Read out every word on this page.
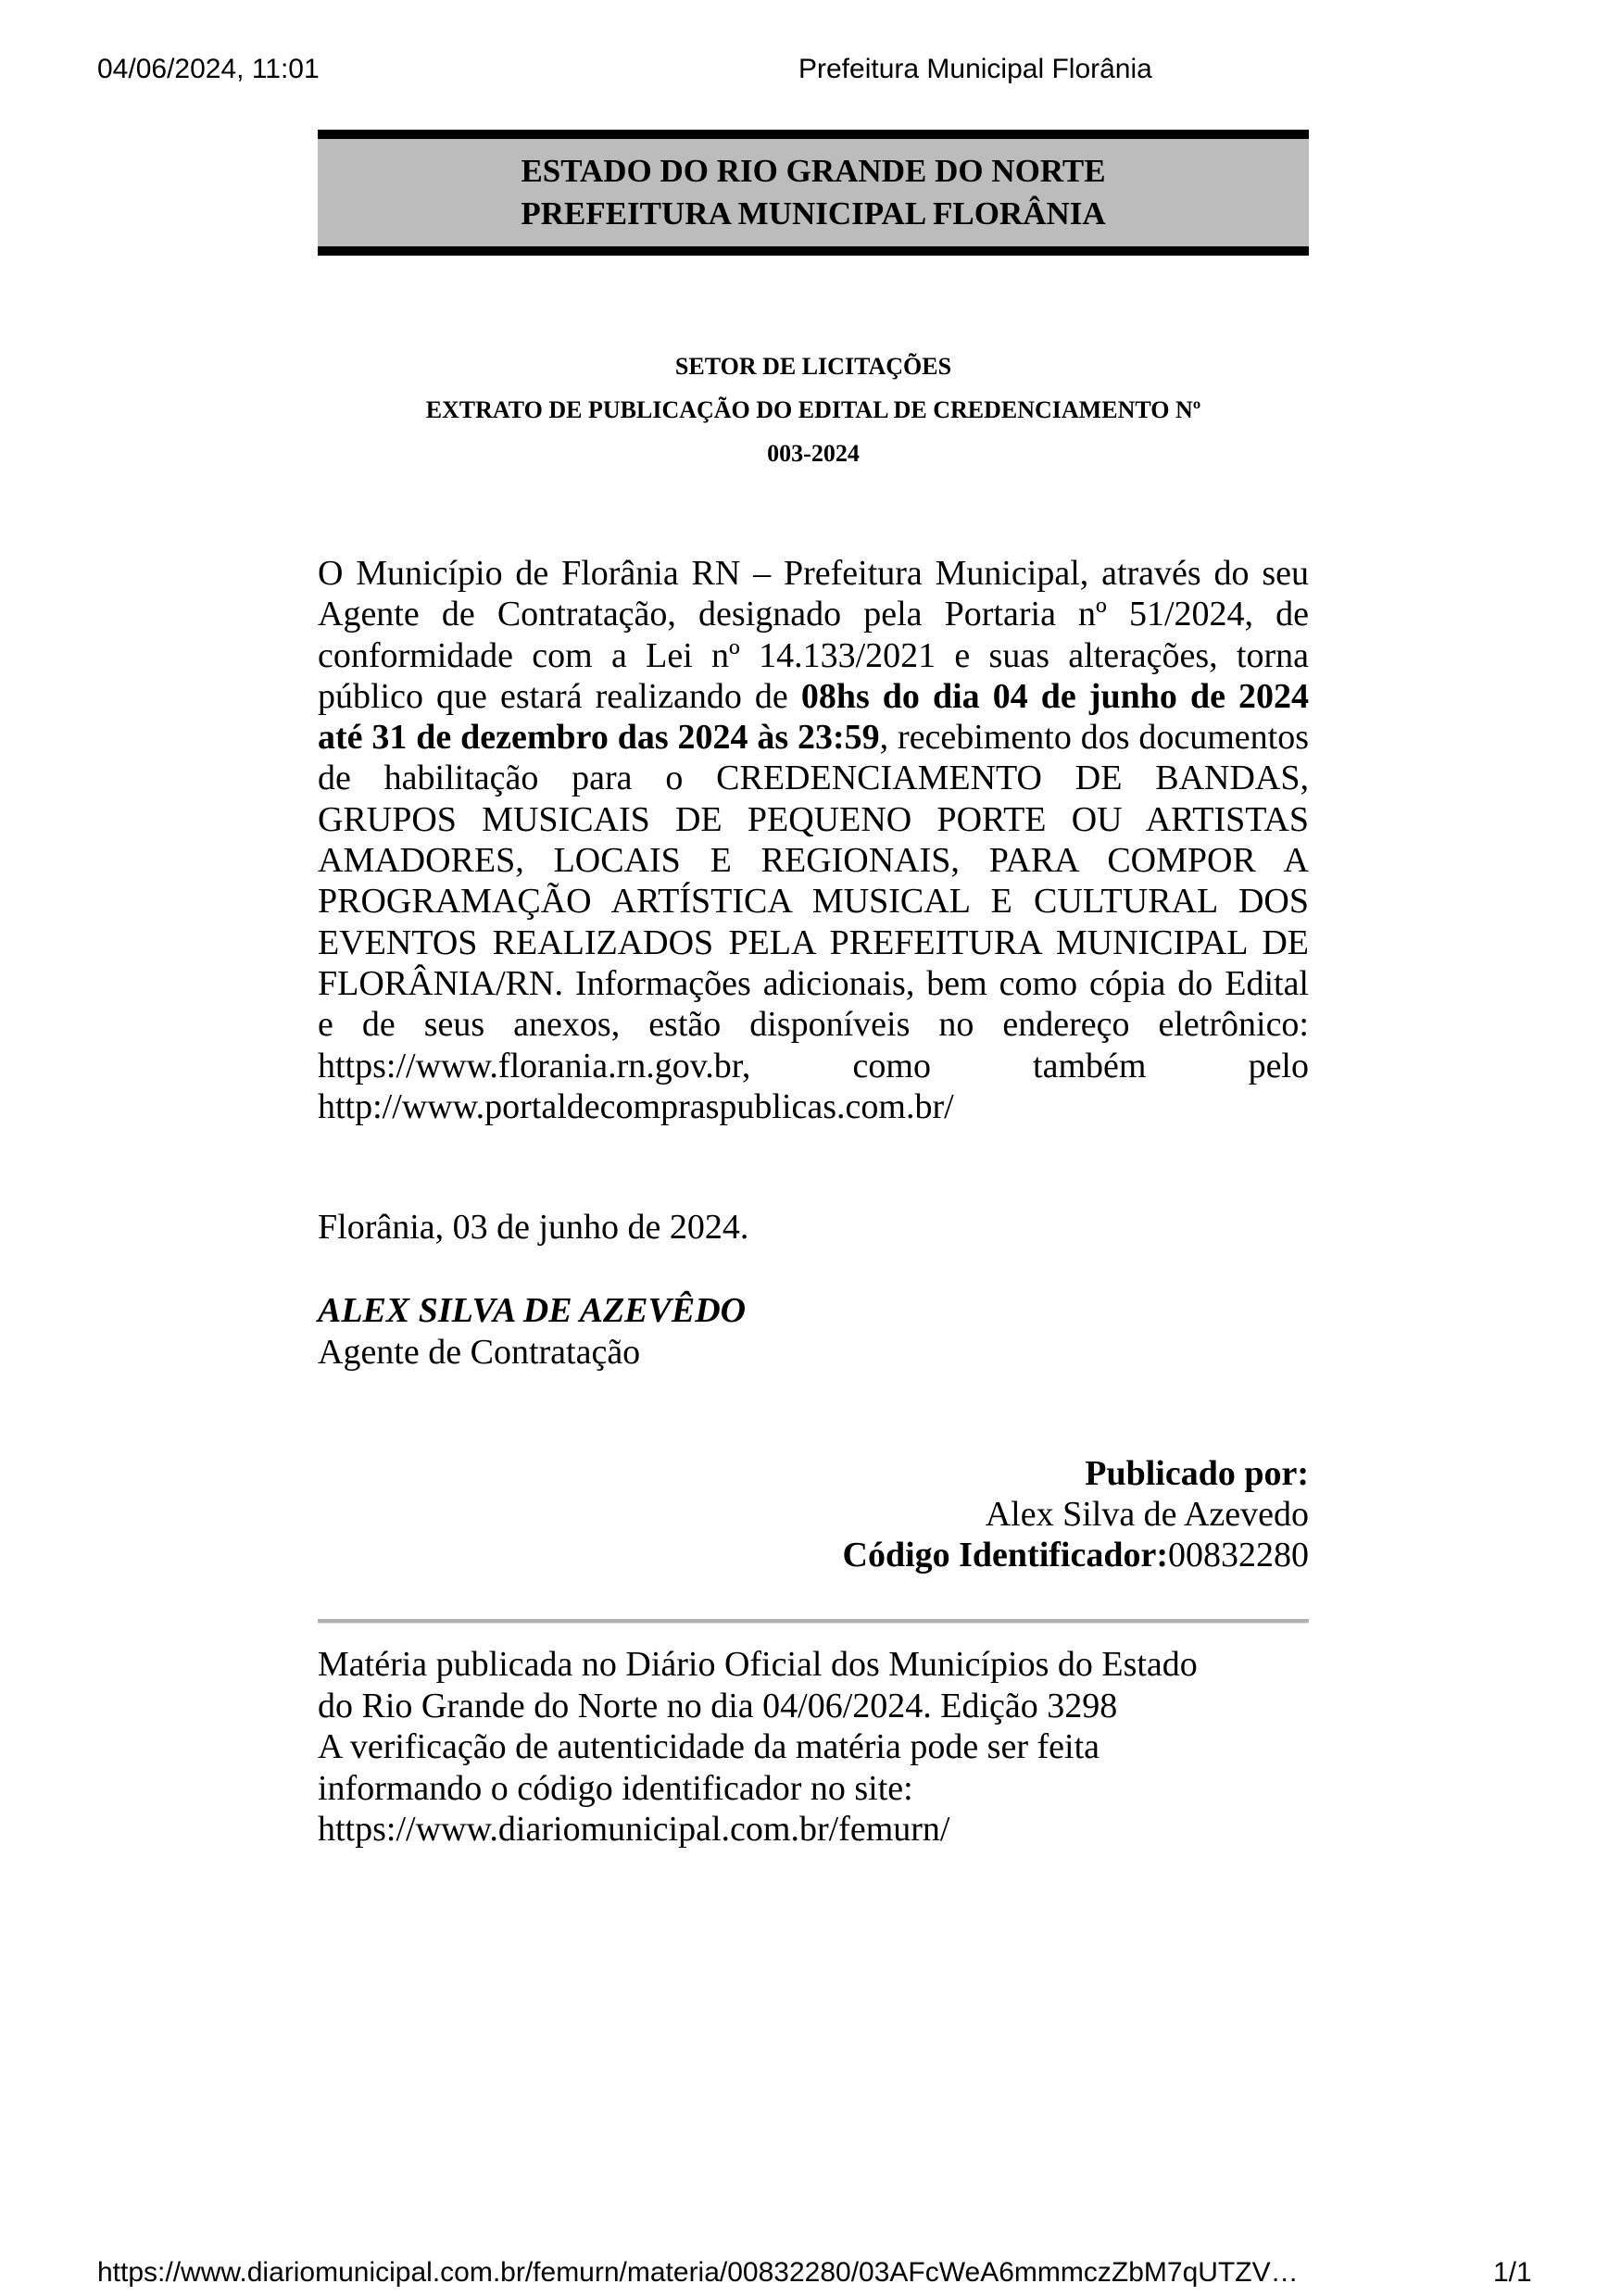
04/06/2024, 11:01	Prefeitura Municipal Florânia
ESTADO DO RIO GRANDE DO NORTE
PREFEITURA MUNICIPAL FLORÂNIA
SETOR DE LICITAÇÕES
EXTRATO DE PUBLICAÇÃO DO EDITAL DE CREDENCIAMENTO Nº
003-2024
O Município de Florânia RN – Prefeitura Municipal, através do seu Agente de Contratação, designado pela Portaria nº 51/2024, de conformidade com a Lei nº 14.133/2021 e suas alterações, torna público que estará realizando de 08hs do dia 04 de junho de 2024 até 31 de dezembro das 2024 às 23:59, recebimento dos documentos de habilitação para o CREDENCIAMENTO DE BANDAS, GRUPOS MUSICAIS DE PEQUENO PORTE OU ARTISTAS AMADORES, LOCAIS E REGIONAIS, PARA COMPOR A PROGRAMAÇÃO ARTÍSTICA MUSICAL E CULTURAL DOS EVENTOS REALIZADOS PELA PREFEITURA MUNICIPAL DE FLORÂNIA/RN. Informações adicionais, bem como cópia do Edital e de seus anexos, estão disponíveis no endereço eletrônico: https://www.florania.rn.gov.br, como também pelo http://www.portaldecompraspublicas.com.br/
Florânia, 03 de junho de 2024.
ALEX SILVA DE AZEVÊDO
Agente de Contratação
Publicado por:
Alex Silva de Azevedo
Código Identificador:00832280
Matéria publicada no Diário Oficial dos Municípios do Estado
do Rio Grande do Norte no dia 04/06/2024. Edição 3298
A verificação de autenticidade da matéria pode ser feita
informando o código identificador no site:
https://www.diariomunicipal.com.br/femurn/
https://www.diariomunicipal.com.br/femurn/materia/00832280/03AFcWeA6mmmczZbM7qUTZV…	1/1
